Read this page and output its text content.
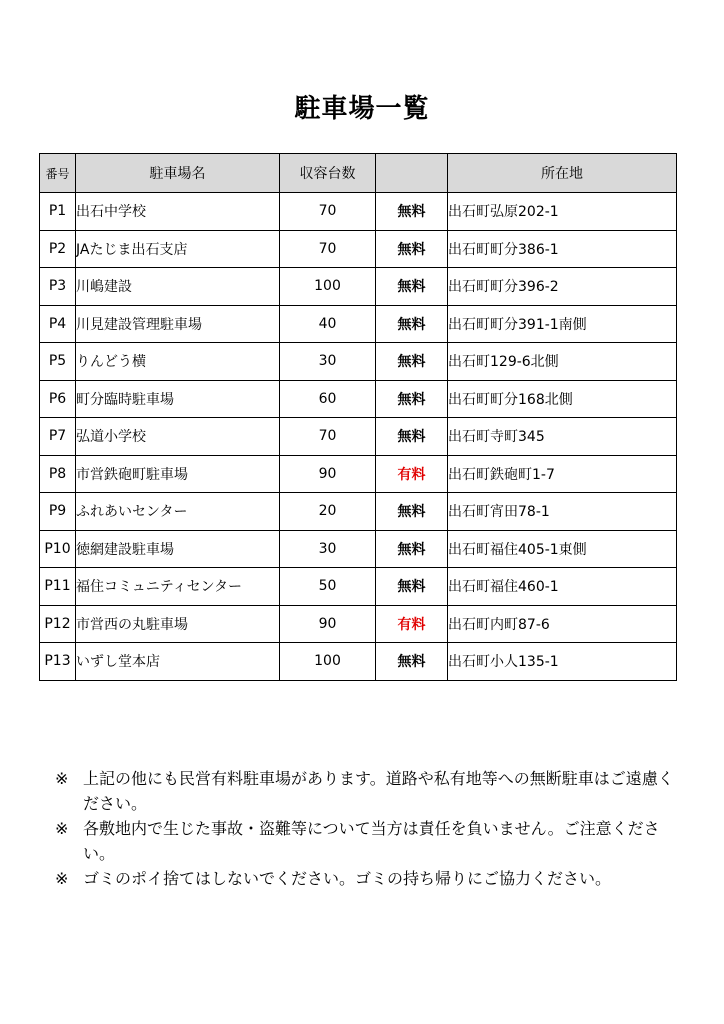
駐車場一覧
番号	駐車場名	収容台数		所在地
P1	出石中学校	70	無料	出石町弘原202-1
P2	JAたじま出石支店	70	無料	出石町町分386-1
P3	川嶋建設	100	無料	出石町町分396-2
P4	川見建設管理駐車場	40	無料	出石町町分391-1南側
P5	りんどう横	30	無料	出石町129-6北側
P6	町分臨時駐車場	60	無料	出石町町分168北側
P7	弘道小学校	70	無料	出石町寺町345
P8	市営鉄砲町駐車場	90	有料	出石町鉄砲町1-7
P9	ふれあいセンター	20	無料	出石町宵田78-1
P10	徳網建設駐車場	30	無料	出石町福住405-1東側
P11	福住コミュニティセンター	50	無料	出石町福住460-1
P12	市営西の丸駐車場	90	有料	出石町内町87-6
P13	いずし堂本店	100	無料	出石町小人135-1

※ 上記の他にも民営有料駐車場があります。道路や私有地等への無断駐車はご遠慮ください。

※ 各敷地内で生じた事故・盗難等について当方は責任を負いません。ご注意ください。

※ ゴミのポイ捨てはしないでください。ゴミの持ち帰りにご協力ください。
